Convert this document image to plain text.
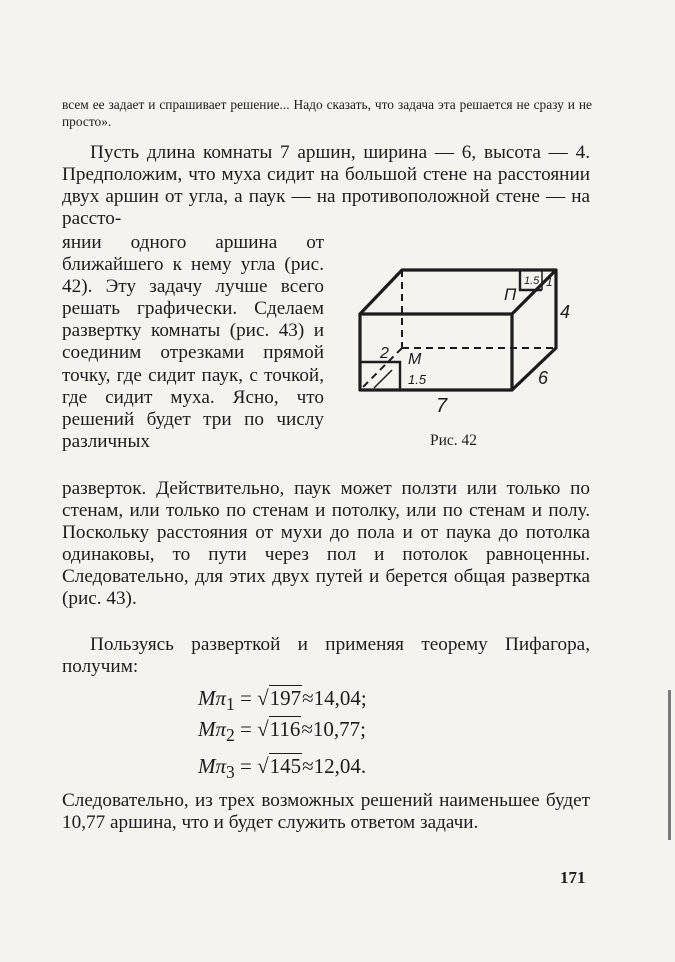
всем ее задает и спрашивает решение... Надо сказать, что задача эта решается не сразу и не просто».

Пусть длина комнаты 7 аршин, ширина — 6, высота — 4. Предположим, что муха сидит на большой стене на расстоянии двух аршин от угла, а паук — на противоположной стене — на рассто-

янии одного аршина от ближайшего к нему угла (рис. 42). Эту задачу лучше всего решать графически. Сделаем развертку комнаты (рис. 43) и соединим отрезками прямой точку, где сидит паук, с точкой, где сидит муха. Ясно, что решений будет три по числу различных

разверток. Действительно, паук может ползти или только по стенам, или только по стенам и потолку, или по стенам и полу. Поскольку расстояния от мухи до пола и от паука до потолка одинаковы, то пути через пол и потолок равноценны. Следовательно, для этих двух путей и берется общая развертка (рис. 43).

Пользуясь разверткой и применяя теорему Пифагора, получим:

$M\pi_1 = √197\approx 14,04$;
$M\pi_2 = √116\approx 10,77$;
$M\pi_3 = √145\approx 12,04$.

Следовательно, из трех возможных решений наименьшее будет 10,77 аршина, что и будет служить ответом задачи.

7
6
4
2 M
1.5
П
1.5 1
Рис. 42
171
